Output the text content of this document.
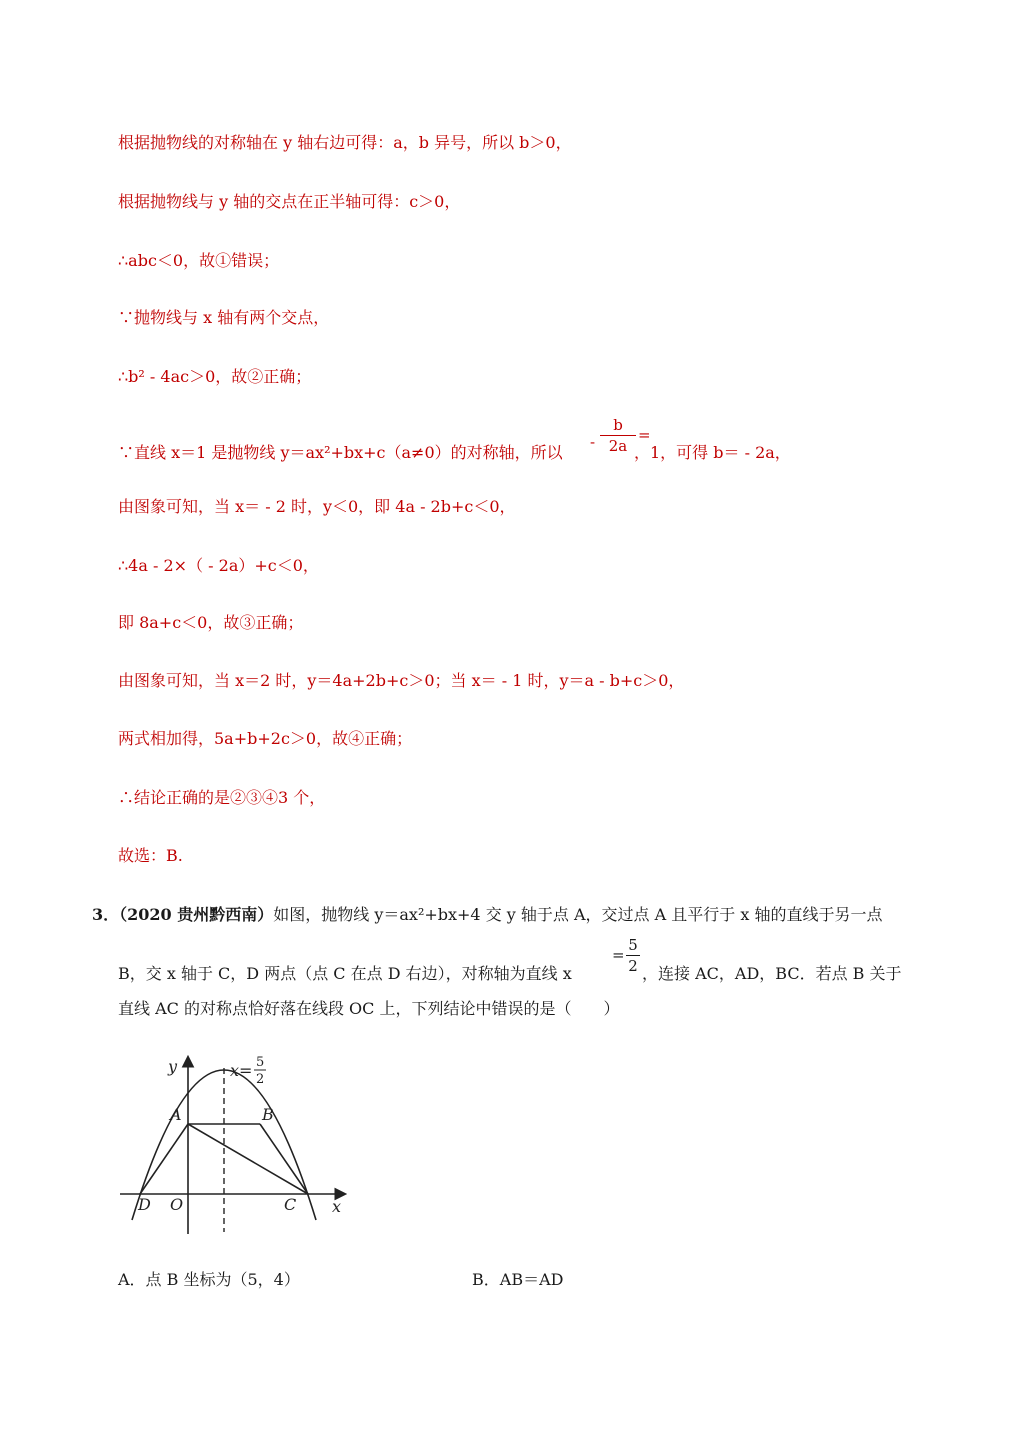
根据抛物线的对称轴在 y 轴右边可得：a，b 异号，所以 b＞0，
根据抛物线与 y 轴的交点在正半轴可得：c＞0，
∴abc＜0，故①错误；
∵抛物线与 x 轴有两个交点，
∴b² - 4ac＞0，故②正确；
∵直线 x＝1 是抛物线 y＝ax²+bx+c（a≠0）的对称轴，所以
-
b
2a
=
，1，可得 b＝ - 2a，
由图象可知，当 x＝ - 2 时，y＜0，即 4a - 2b+c＜0，
∴4a - 2×（ - 2a）+c＜0，
即 8a+c＜0，故③正确；
由图象可知，当 x＝2 时，y＝4a+2b+c＞0；当 x＝ - 1 时，y＝a - b+c＞0，
两式相加得，5a+b+2c＞0，故④正确；
∴结论正确的是②③④3 个，
故选：B.
3．（2020 贵州黔西南）如图，抛物线 y＝ax²+bx+4 交 y 轴于点 A，交过点 A 且平行于 x 轴的直线于另一点
B，交 x 轴于 C，D 两点（点 C 在点 D 右边），对称轴为直线 x
=
5
2 ，连接 AC，AD，BC．若点 B 关于
直线 AC 的对称点恰好落在线段 OC 上，下列结论中错误的是（　　）
y
x
A	B
C
D O
x= 5
2
A．点 B 坐标为（5，4）	B．AB＝AD
